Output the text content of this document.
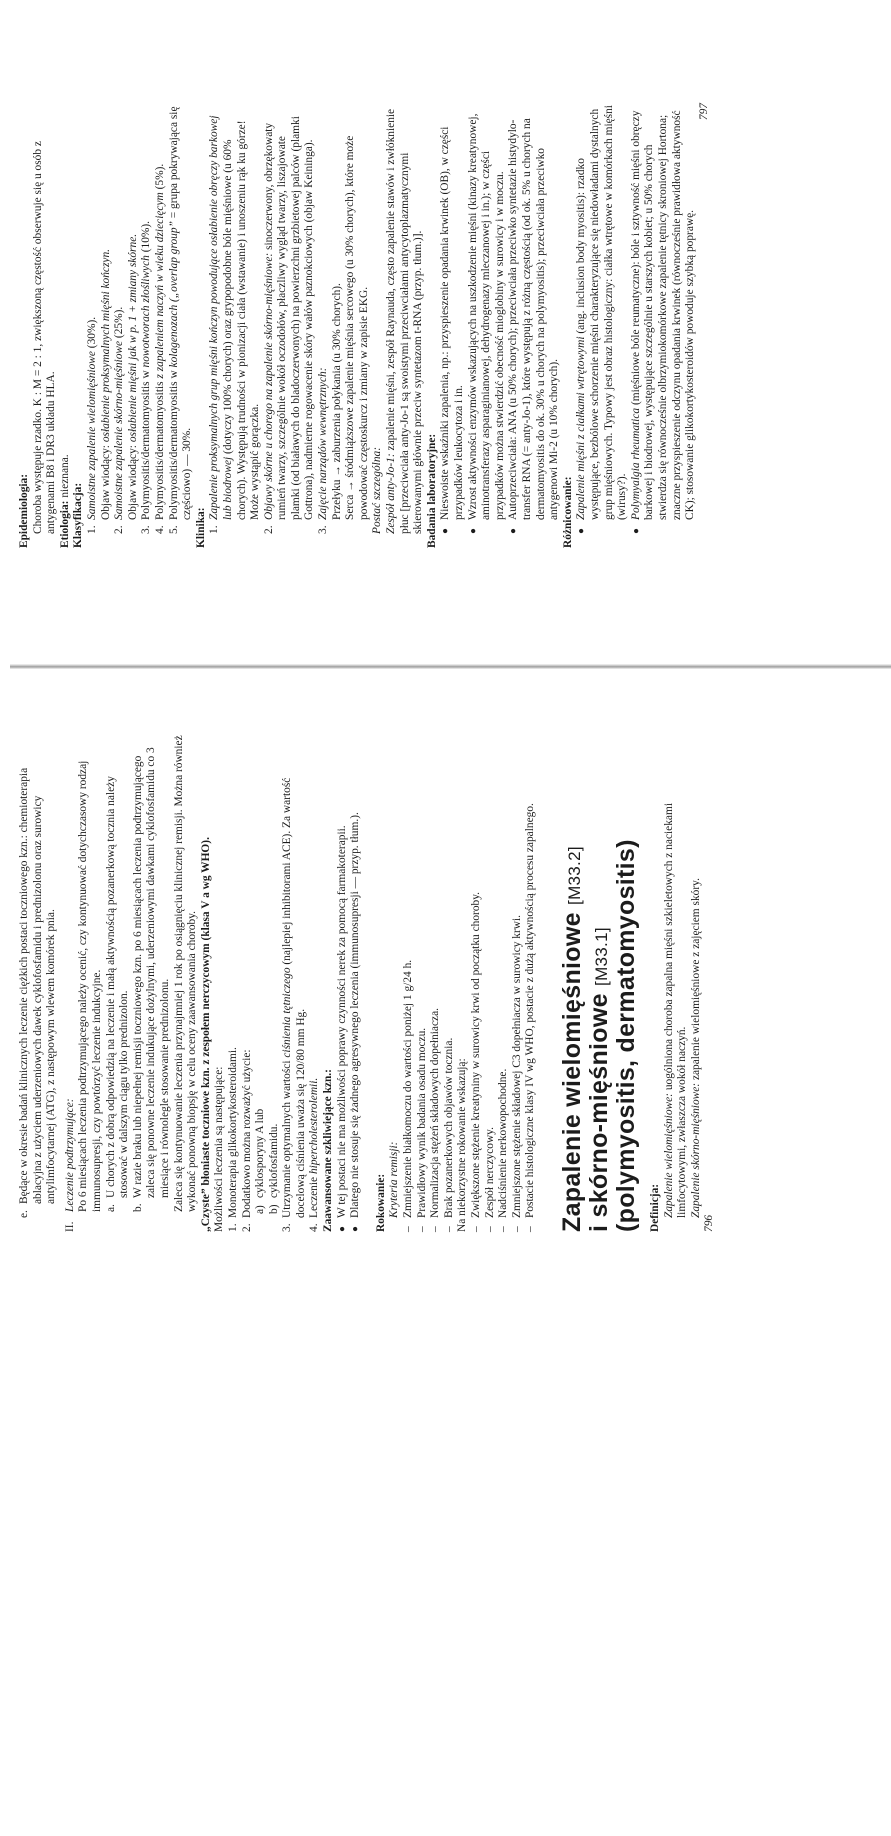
Epidemiologia: Choroba występuje rzadko. K : M = 2 : 1, zwiększoną częstość obserwuje się u osób z antygenami B8 i DR3 układu HLA. Etiologia: nieznana.

Klasyfikacja: 1.
Samoistne zapalenie wielomięśniowe (30%).
Objaw wiodący: osłabienie proksymalnych mięśni kończyn.
2.
Samoistne zapalenie skórno-mięśniowe (25%).
Objaw wiodący: osłabienie mięśni jak w p. 1 + zmiany skórne.
3.
Polymyositis/dermatomyositis w nowotworach złośliwych (10%).
4.
Polymyositis/dermatomyositis z zapaleniem naczyń w wieku dziecięcym (5%).
5.
Polymyositis/dermatomyositis w kolagenozach („overlap group” = grupa pokrywająca się częściowo) — 30%.

Klinika: 1.
Zapalenie proksymalnych grup mięśni kończyn powodujące osłabienie obręczy barkowej lub biodrowej (dotyczy 100% chorych) oraz grypopodobne bóle mięśniowe (u 60% chorych). Występują trudności w pionizacji ciała (wstawanie) i unoszeniu rąk ku górze! Może wystąpić gorączka.
2.
Objawy skórne u chorego na zapalenie skórno-mięśniowe: sinoczerwony, obrzękowaty rumień twarzy, szczególnie wokół oczodołów, płaczliwy wygląd twarzy, liszajowate plamki (od białawych do bladoczerwonych) na powierzchni grzbietowej palców (plamki Gottrona), nadmierne rogowacenie skóry wałów paznokciowych (objaw Keininga).
3.
Zajęcie narządów wewnętrznych: Przełyku → zaburzenia połykania (u 30% chorych). Serca → śródmiąższowe zapalenie mięśnia sercowego (u 30% chorych), które może powodować częstoskurcz i zmiany w zapisie EKG. Postać szczególna: Zespół anty-Jo-1: zapalenie mięśni, zespół Raynauda, często zapalenie stawów i zwłóknienie płuc [przeciwciała anty-Jo-1 są swoistymi przeciwciałami antycytoplazmatycznymi skierowanymi głównie przeciw syntetazom t-RNA (przyp. tłum.)]. Badania laboratoryjne: ●
Nieswoiste wskaźniki zapalenia, np.: przyspieszenie opadania krwinek (OB), w części przypadków leukocytoza i in.
●
Wzrost aktywności enzymów wskazujących na uszkodzenie mięśni (kinazy kreatynowej, aminotransferazy asparaginianowej, dehydrogenazy mleczanowej i in.); w części przypadków można stwierdzić obecność mioglobiny w surowicy i w moczu.
●
Autoprzeciwciała: ANA (u 50% chorych); przeciwciała przeciwko syntetazie histydylo-transfer RNA (= anty-Jo-1), które występują z różną częstością (od ok. 5% u chorych na dermatomyositis do ok. 30% u chorych na polymyositis); przeciwciała przeciwko antygenowi Mi-2 (u 10% chorych). Różnicowanie: ●
Zapalenie mięśni z ciałkami wtrętowymi (ang. inclusion body myositis): rzadko występujące, bezbólowe schorzenie mięśni charakteryzujące się niedowładami dystalnych grup mięśniowych. Typowy jest obraz histologiczny: ciałka wtrętowe w komórkach mięśni (wirusy?).
●
Polymyalgia rheumatica (mięśniowe bóle reumatyczne): bóle i sztywność mięśni obręczy barkowej i biodrowej, występujące szczególnie u starszych kobiet; u 50% chorych stwierdza się równocześnie olbrzymiokomórkowe zapalenie tętnicy skroniowej Hortona; znaczne przyspieszenie odczynu opadania krwinek (równocześnie prawidłowa aktywność CK); stosowanie glikokortykosteroidów powoduje szybką poprawę.

797

e.
Będące w okresie badań klinicznych leczenie ciężkich postaci toczniowego kzn.: chemioterapia ablacyjna z użyciem uderzeniowych dawek cyklofosfamidu i prednizolonu oraz surowicy antylimfocytarnej (ATG), z następowym wlewem komórek pnia.
II.
Leczenie podtrzymujące: Po 6 miesiącach leczenia podtrzymującego należy ocenić, czy kontynuować dotychczasowy rodzaj immunosupresji, czy powtórzyć leczenie indukcyjne. a.
U chorych z dobrą odpowiedzią na leczenie i małą aktywnością pozanerkową tocznia należy stosować w dalszym ciągu tylko prednizolon.
b.
W razie braku lub niepełnej remisji toczniowego kzn. po 6 miesiącach leczenia podtrzymującego zaleca się ponowne leczenie indukujące dożylnymi, uderzeniowymi dawkami cyklofosfamidu co 3 miesiące i równolegle stosowanie prednizolonu. Zaleca się kontynuowanie leczenia przynajmniej 1 rok po osiągnięciu klinicznej remisji. Można również wykonać ponowną biopsję w celu oceny zaawansowania choroby. „Czyste” błoniaste toczniowe kzn. z zespołem nerczycowym (klasa V a wg WHO). Możliwości leczenia są następujące: 1.
Monoterapia glikokortykosteroidami.
2.
Dodatkowo można rozważyć użycie: a)
cyklosporyny A lub
b)
cyklofosfamidu.
3.
Utrzymanie optymalnych wartości ciśnienia tętniczego (najlepiej inhibitorami ACE). Za wartość docelową ciśnienia uważa się 120/80 mm Hg.
4.
Leczenie hipercholesterolemii. Zaawansowane szkliwiejące kzn.: ●
W tej postaci nie ma możliwości poprawy czynności nerek za pomocą farmakoterapii.
●
Dlatego nie stosuje się żadnego agresywnego leczenia (immunosupresji — przyp. tłum.). Rokowanie: Kryteria remisji:

–
Zmniejszenie białkomoczu do wartości poniżej 1 g/24 h.
–
Prawidłowy wynik badania osadu moczu.
–
Normalizacja stężeń składowych dopełniacza.
–
Brak pozanerkowych objawów tocznia. Na niekorzystne rokowanie wskazują: –
Zwiększone stężenie kreatyniny w surowicy krwi od początku choroby.
–
Zespół nerczycowy.
–
Nadciśnienie nerkowopochodne.
–
Zmniejszone stężenie składowej C3 dopełniacza w surowicy krwi.
–
Postacie histologiczne klasy IV wg WHO, postacie z dużą aktywnością procesu zapalnego. Zapalenie wielomięśniowe [M33.2]
i skórno-mięśniowe [M33.1]
(polymyositis, dermatomyositis) Definicja: Zapalenie wielomięśniowe: uogólniona choroba zapalna mięśni szkieletowych z naciekami limfocytowymi, zwłaszcza wokół naczyń. Zapalenie skórno-mięśniowe: zapalenie wielomięśniowe z zajęciem skóry.

796
